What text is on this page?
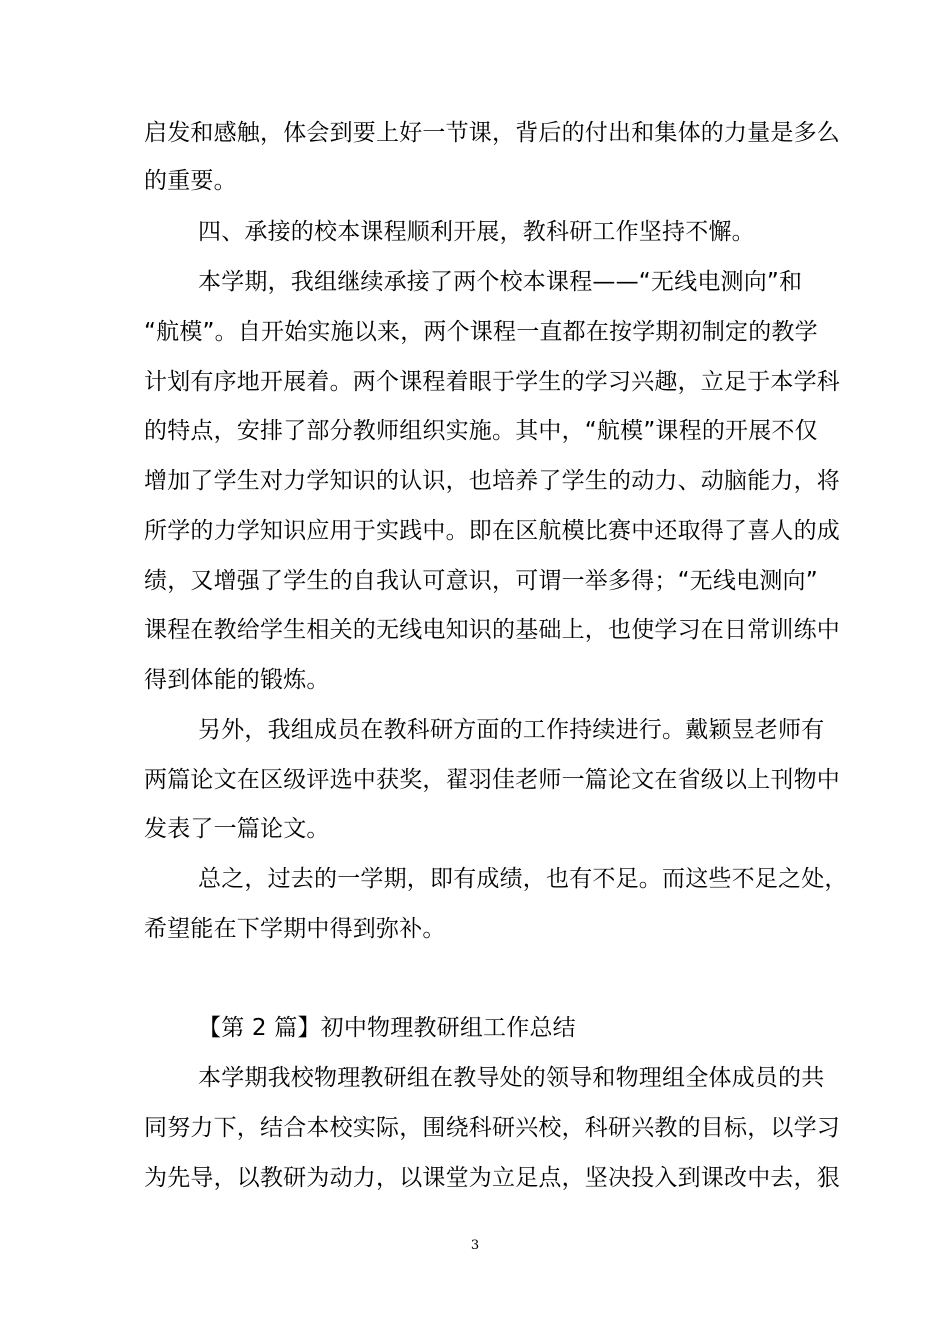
启发和感触，体会到要上好一节课，背后的付出和集体的力量是多么
的重要。
四、承接的校本课程顺利开展，教科研工作坚持不懈。
本学期，我组继续承接了两个校本课程——“无线电测向”和
“航模”。自开始实施以来，两个课程一直都在按学期初制定的教学
计划有序地开展着。两个课程着眼于学生的学习兴趣，立足于本学科
的特点，安排了部分教师组织实施。其中，“航模”课程的开展不仅
增加了学生对力学知识的认识，也培养了学生的动力、动脑能力，将
所学的力学知识应用于实践中。即在区航模比赛中还取得了喜人的成
绩，又增强了学生的自我认可意识，可谓一举多得；“无线电测向”
课程在教给学生相关的无线电知识的基础上，也使学习在日常训练中
得到体能的锻炼。
另外，我组成员在教科研方面的工作持续进行。戴颖昱老师有
两篇论文在区级评选中获奖，翟羽佳老师一篇论文在省级以上刊物中
发表了一篇论文。
总之，过去的一学期，即有成绩，也有不足。而这些不足之处，
希望能在下学期中得到弥补。
【第 2 篇】初中物理教研组工作总结
本学期我校物理教研组在教导处的领导和物理组全体成员的共
同努力下，结合本校实际，围绕科研兴校，科研兴教的目标，以学习
为先导，以教研为动力，以课堂为立足点，坚决投入到课改中去，狠
3
